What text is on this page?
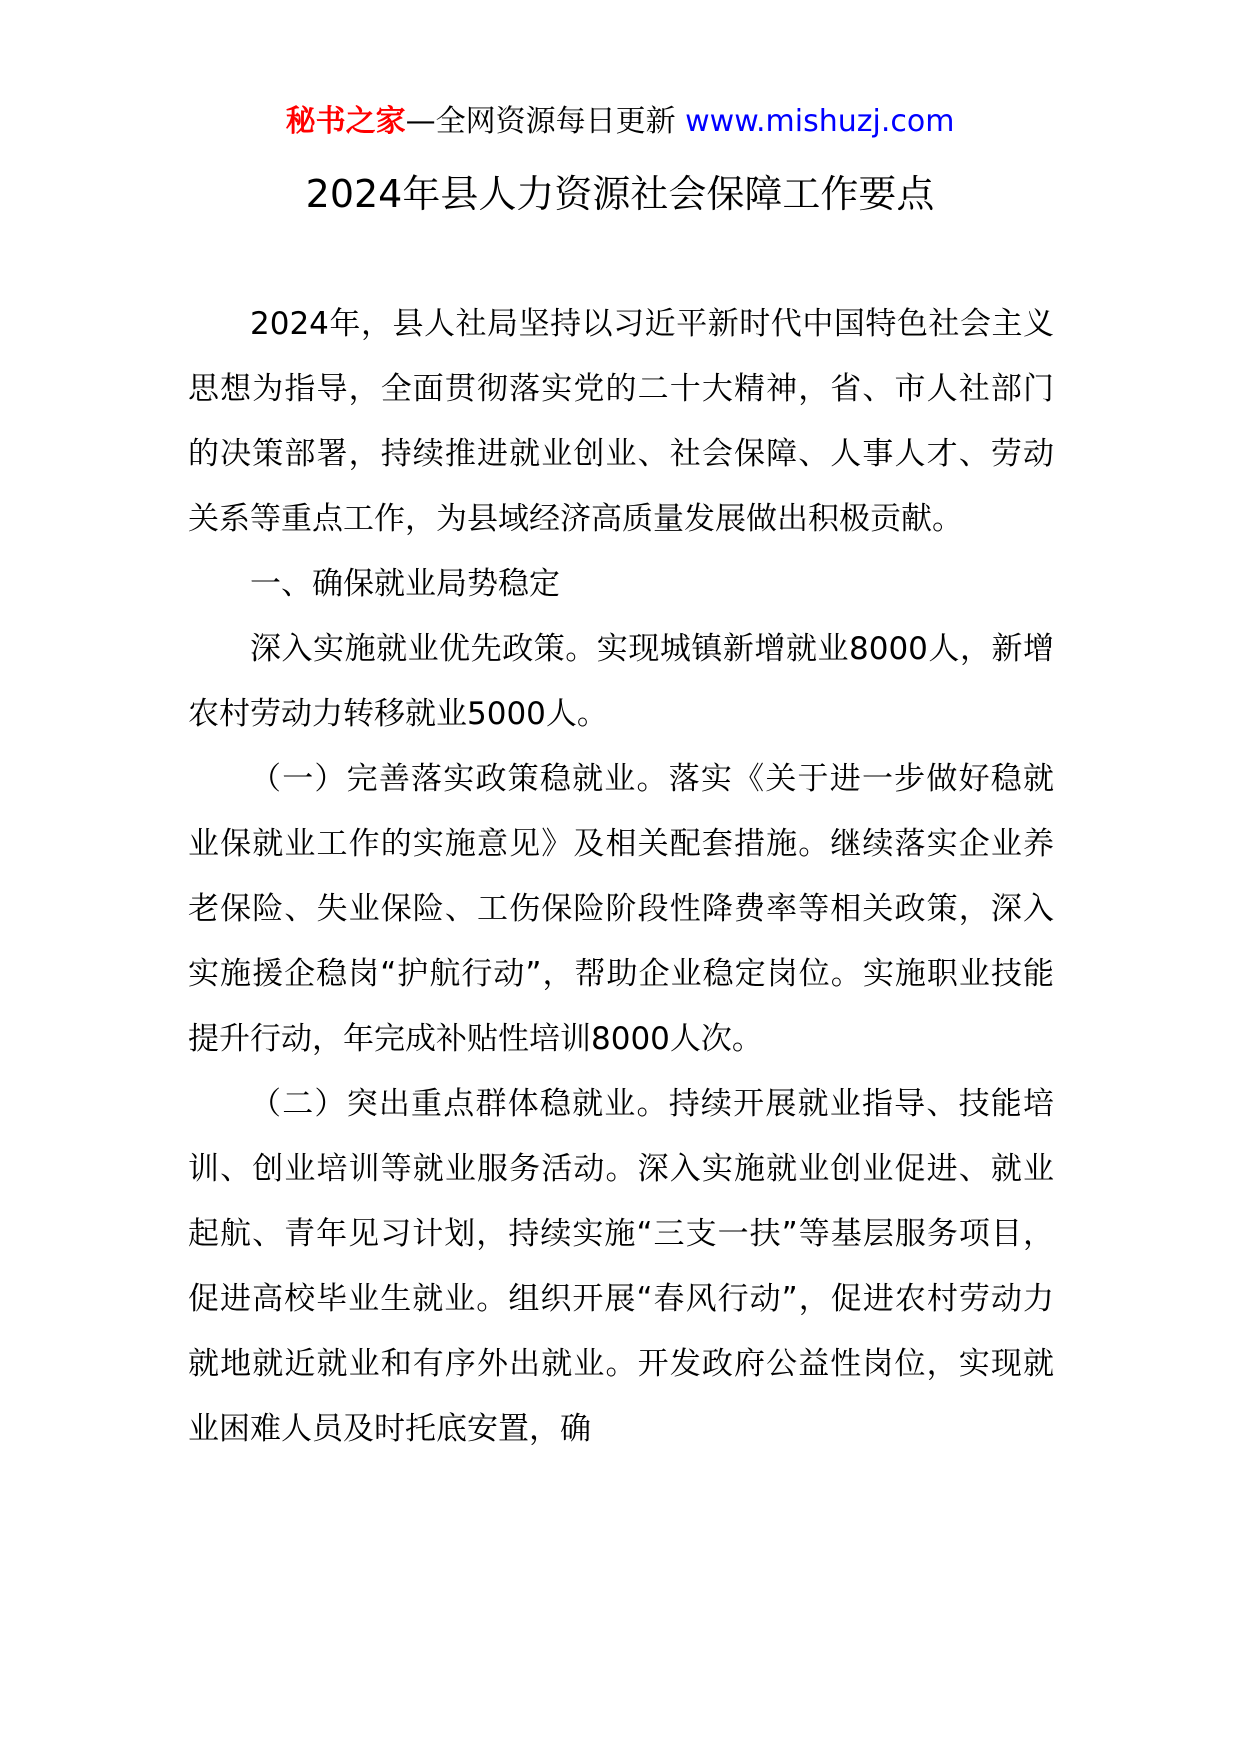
秘书之家—全网资源每日更新 www.mishuzj.com
2024年县人力资源社会保障工作要点

2024年，县人社局坚持以习近平新时代中国特色社会主义思想为指导，全面贯彻落实党的二十大精神，省、市人社部门的决策部署，持续推进就业创业、社会保障、人事人才、劳动关系等重点工作，为县域经济高质量发展做出积极贡献。

一、确保就业局势稳定

深入实施就业优先政策。实现城镇新增就业8000人，新增农村劳动力转移就业5000人。

（一）完善落实政策稳就业。落实《关于进一步做好稳就业保就业工作的实施意见》及相关配套措施。继续落实企业养老保险、失业保险、工伤保险阶段性降费率等相关政策，深入实施援企稳岗“护航行动”，帮助企业稳定岗位。实施职业技能提升行动，年完成补贴性培训8000人次。

（二）突出重点群体稳就业。持续开展就业指导、技能培训、创业培训等就业服务活动。深入实施就业创业促进、就业起航、青年见习计划，持续实施“三支一扶”等基层服务项目，促进高校毕业生就业。组织开展“春风行动”，促进农村劳动力就地就近就业和有序外出就业。开发政府公益性岗位，实现就业困难人员及时托底安置，确
